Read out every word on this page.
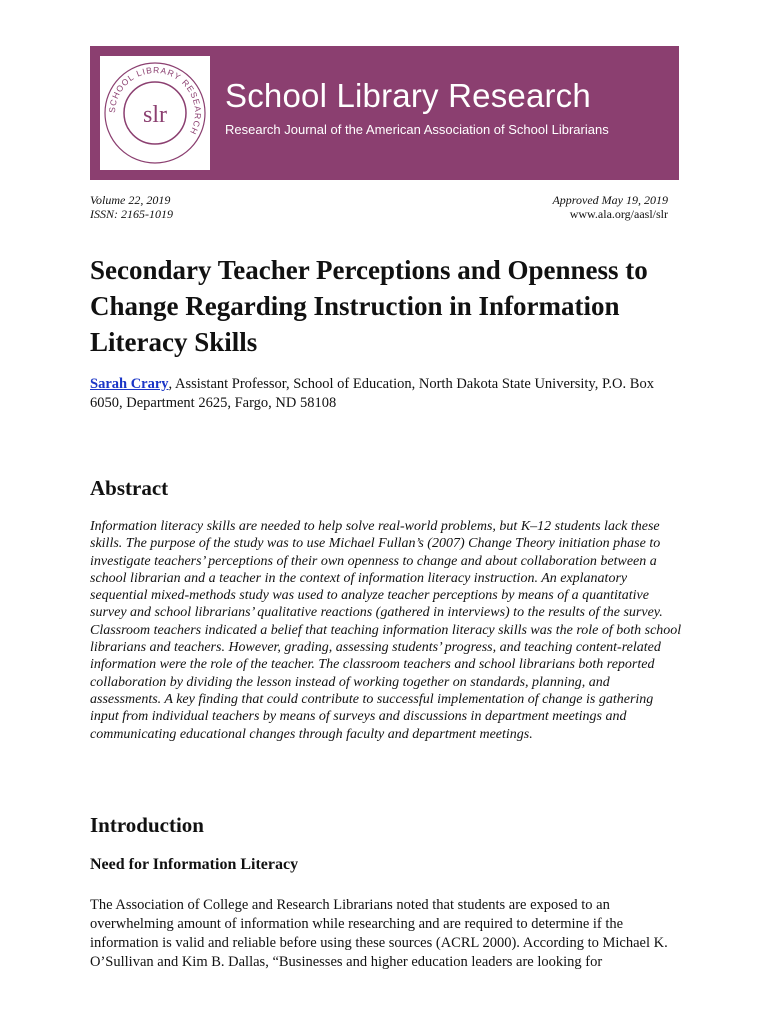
SCHOOL LIBRARY RESEARCH
slr
School Library Research
Research Journal of the American Association of School Librarians
Volume 22, 2019
ISSN: 2165-1019
Approved May 19, 2019
www.ala.org/aasl/slr
Secondary Teacher Perceptions and Openness to Change Regarding Instruction in Information Literacy Skills
Sarah Crary, Assistant Professor, School of Education, North Dakota State University, P.O. Box 6050, Department 2625, Fargo, ND 58108
Abstract
Information literacy skills are needed to help solve real-world problems, but K–12 students lack these skills. The purpose of the study was to use Michael Fullan’s (2007) Change Theory initiation phase to investigate teachers’ perceptions of their own openness to change and about collaboration between a school librarian and a teacher in the context of information literacy instruction. An explanatory sequential mixed-methods study was used to analyze teacher perceptions by means of a quantitative survey and school librarians’ qualitative reactions (gathered in interviews) to the results of the survey. Classroom teachers indicated a belief that teaching information literacy skills was the role of both school librarians and teachers. However, grading, assessing students’ progress, and teaching content-related information were the role of the teacher. The classroom teachers and school librarians both reported collaboration by dividing the lesson instead of working together on standards, planning, and assessments. A key finding that could contribute to successful implementation of change is gathering input from individual teachers by means of surveys and discussions in department meetings and communicating educational changes through faculty and department meetings.
Introduction
Need for Information Literacy
The Association of College and Research Librarians noted that students are exposed to an overwhelming amount of information while researching and are required to determine if the information is valid and reliable before using these sources (ACRL 2000). According to Michael K. O’Sullivan and Kim B. Dallas, “Businesses and higher education leaders are looking for
